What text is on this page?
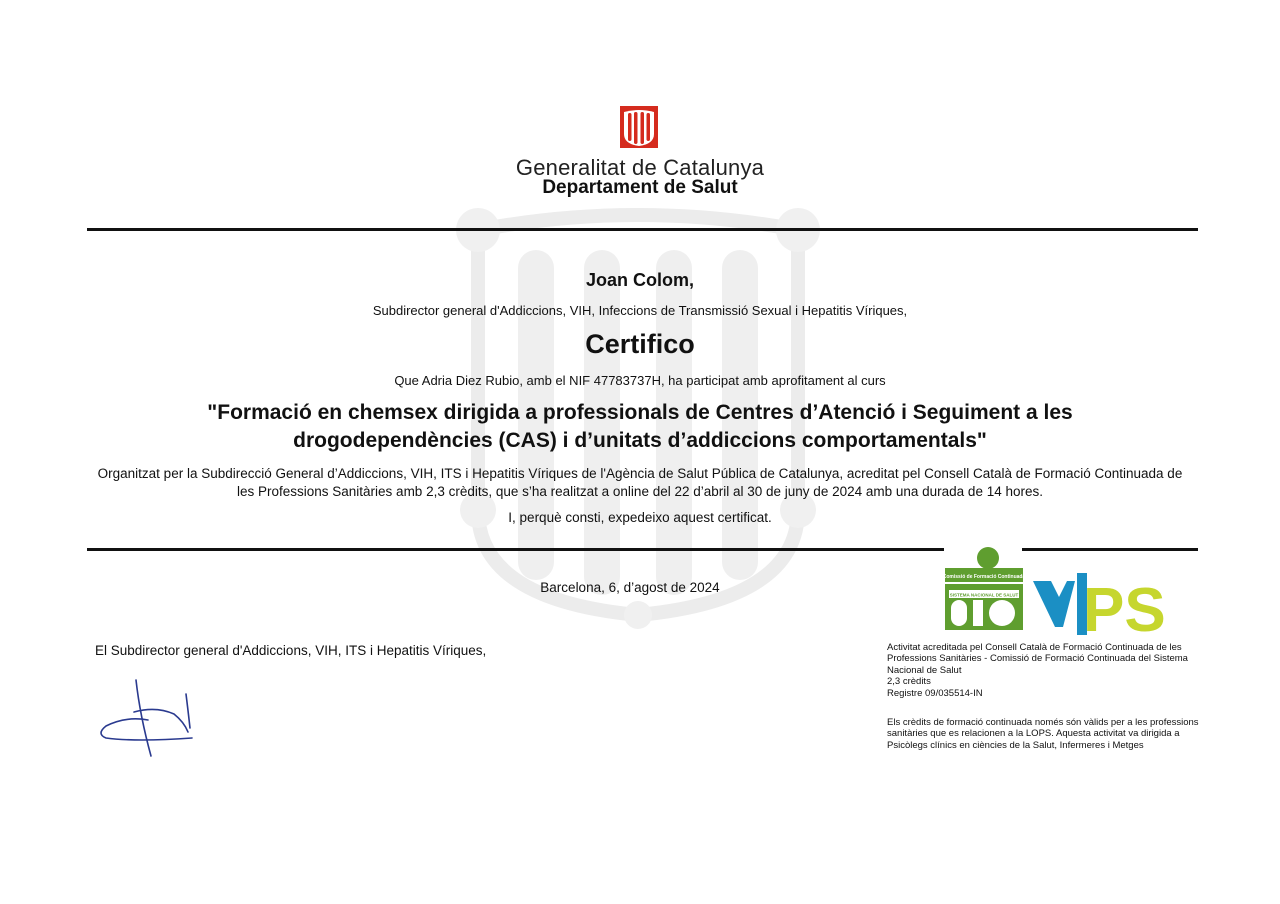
Generalitat de Catalunya
Departament de Salut
Joan Colom,
Subdirector general d'Addiccions, VIH, Infeccions de Transmissió Sexual i Hepatitis Víriques,
Certifico
Que Adria Diez Rubio, amb el NIF 47783737H, ha participat amb aprofitament al curs
"Formació en chemsex dirigida a professionals de Centres d’Atenció i Seguiment a les
drogodependències (CAS) i d’unitats d’addiccions comportamentals"
Organitzat per la Subdirecció General d’Addiccions, VIH, ITS i Hepatitis Víriques de l'Agència de Salut Pública de Catalunya, acreditat pel Consell Català de Formació Continuada de
les Professions Sanitàries amb 2,3 crèdits, que s’ha realitzat a online del 22 d’abril al 30 de juny de 2024 amb una durada de 14 hores.
I, perquè consti, expedeixo aquest certificat.
Barcelona, 6, d’agost de 2024
El Subdirector general d'Addiccions, VIH, ITS i Hepatitis Víriques,
Comissió de Formació Continuada
SISTEMA NACIONAL DE SALUT PS
Activitat acreditada pel Consell Català de Formació Continuada de les
Professions Sanitàries - Comissió de Formació Continuada del Sistema
Nacional de Salut
2,3 crèdits
Registre 09/035514-IN
Els crèdits de formació continuada només són vàlids per a les professions
sanitàries que es relacionen a la LOPS. Aquesta activitat va dirigida a
Psicòlegs clínics en ciències de la Salut, Infermeres i Metges
